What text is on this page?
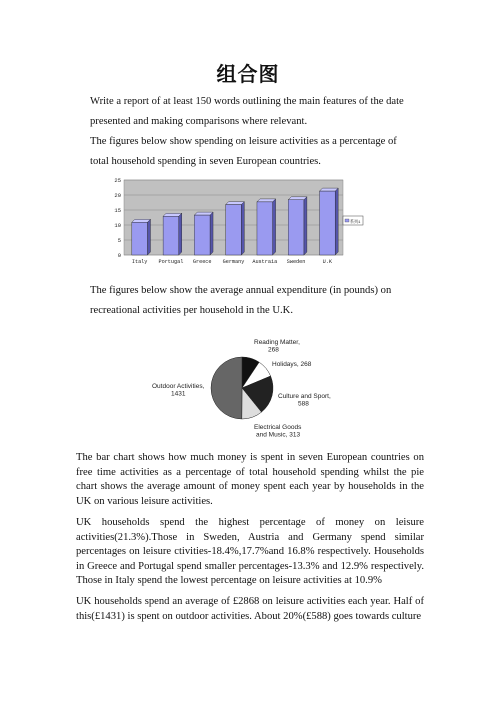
组合图
Write a report of at least 150 words outlining the main features of the date
presented and making comparisons where relevant.
The figures below show spending on leisure activities as a percentage of
total household spending in seven European countries.
0
5
10
15
20
25
Italy Portugal Greece Germany Austraia Sweden	U.K
系列1
The figures below show the average annual expenditure (in pounds) on
recreational activities per household in the U.K.
Reading Matter, 268
Holidays, 268
Culture and Sport, 588
Electrical Goods and Music, 313
Outdoor Activities, 1431
The bar chart shows how much money is spent in seven European countries on free time activities as a percentage of total household spending whilst the pie chart shows the average amount of money spent each year by households in the UK on various leisure activities.
UK households spend the highest percentage of money on leisure activities(21.3%).Those in Sweden, Austria and Germany spend similar percentages on leisure ctivities-18.4%,17.7%and 16.8% respectively. Households in Greece and Portugal spend smaller percentages-13.3% and 12.9% respectively. Those in Italy spend the lowest percentage on leisure activities at 10.9%
UK households spend an average of £2868 on leisure activities each year. Half of this(£1431) is spent on outdoor activities. About 20%(£588) goes towards culture
